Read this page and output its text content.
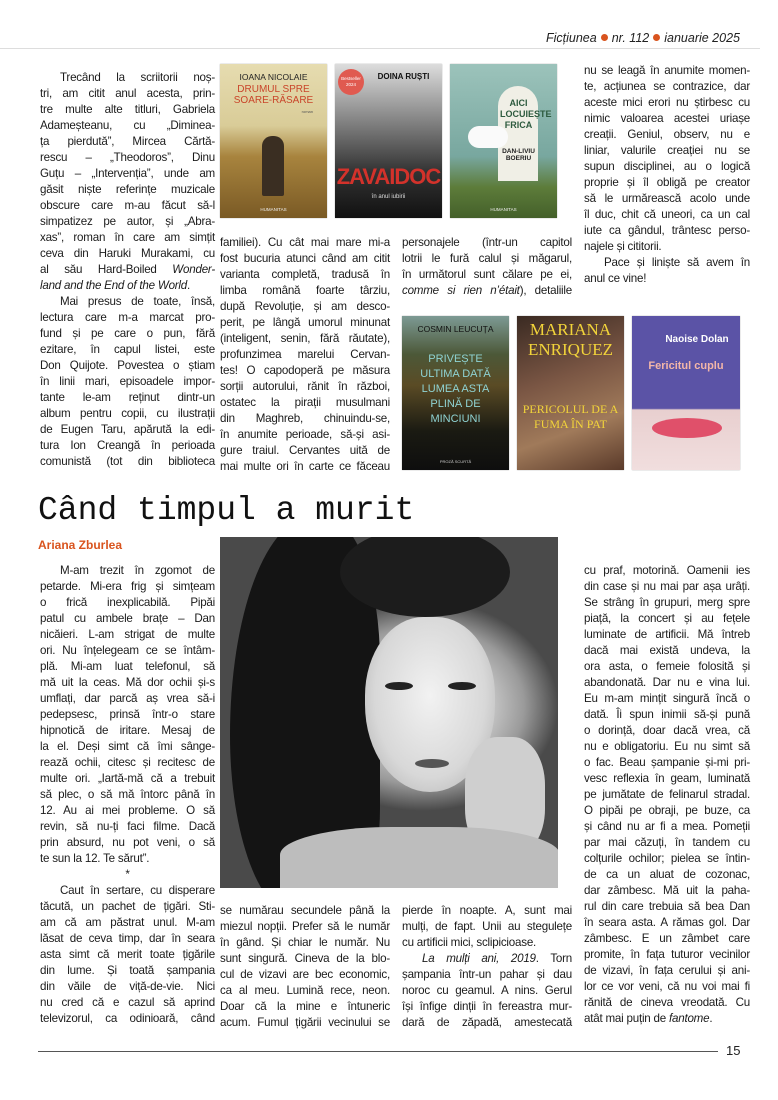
Ficțiunea nr. 112 ianuarie 2025
Trecând la scriitorii noș-
tri, am citit anul acesta, prin-
tre multe alte titluri, Gabriela
Adameșteanu, cu „Diminea-
ța pierdută”, Mircea Cărtă-
rescu – „Theodoros”, Dinu
Guțu – „Intervenția”, unde am
găsit niște referințe muzicale
obscure care m-au făcut să-l
simpatizez pe autor, și „Abra-
xas”, roman în care am simțit
ceva din Haruki Murakami, cu
al său Hard-Boiled Wonder-
land and the End of the World.
Mai presus de toate, însă,
lectura care m-a marcat pro-
fund și pe care o pun, fără
ezitare, în capul listei, este
Don Quijote. Povestea o știam
în linii mari, episoadele impor-
tante le-am reținut dintr-un
album pentru copii, cu ilustrații
de Eugen Taru, apărută la edi-
tura Ion Creangă în perioada
comunistă (tot din biblioteca
familiei). Cu cât mai mare mi-a
fost bucuria atunci când am citit
varianta completă, tradusă în
limba română foarte târziu,
după Revoluție, și am desco-
perit, pe lângă umorul minunat
(inteligent, senin, fără răutate),
profunzimea marelui Cervan-
tes! O capodoperă pe măsura
sorții autorului, rănit în război,
ostatec la pirații musulmani
din Maghreb, chinuindu-se,
în anumite perioade, să-și asi-
gure traiul. Cervantes uită de
mai multe ori în carte ce făceau
personajele (într-un capitol
lotrii le fură calul și măgarul,
în următorul sunt călare pe ei,
comme si rien n’était), detaliile
nu se leagă în anumite momen-
te, acțiunea se contrazice, dar
aceste mici erori nu știrbesc cu
nimic valoarea acestei uriașe
creații. Geniul, observ, nu e
liniar, valurile creației nu se
supun disciplinei, au o logică
proprie și îl obligă pe creator
să le urmărească acolo unde
îl duc, chit că uneori, ca un cal
iute ca gândul, trântesc perso-
najele și cititorii.
Pace și liniște să avem în
anul ce vine!
IOANA NICOLAIE
DRUMUL SPRE SOARE-RĂSARE
roman
HUMANITAS
Bestseller 2024
DOINA RUȘTI
ZAVAIDOC
în anul iubirii
AICI LOCUIEȘTE FRICA
DAN-LIVIU BOERIU
HUMANITAS
COSMIN LEUCUȚA
PRIVEȘTE ULTIMA DATĂ LUMEA ASTA PLINĂ DE MINCIUNI
PROZĂ SCURTĂ
MARIANA ENRIQUEZ
PERICOLUL DE A FUMA ÎN PAT
Naoise Dolan
Fericitul cuplu
Când timpul a murit
Ariana Zburlea
M-am trezit în zgomot de
petarde. Mi-era frig și simțeam
o frică inexplicabilă. Pipăi
patul cu ambele brațe – Dan
nicăieri. L-am strigat de multe
ori. Nu înțelegeam ce se întâm-
plă. Mi-am luat telefonul, să
mă uit la ceas. Mă dor ochii și-s
umflați, dar parcă aș vrea să-i
pedepsesc, prinsă într-o stare
hipnotică de iritare. Mesaj de
la el. Deși simt că îmi sânge-
rează ochii, citesc și recitesc de
multe ori. „Iartă-mă că a trebuit
să plec, o să mă întorc până în
12. Au ai mei probleme. O să
revin, să nu-ți faci filme. Dacă
prin absurd, nu pot veni, o să
te sun la 12. Te sărut”.
*
Caut în sertare, cu disperare
tăcută, un pachet de țigări. Sti-
am că am păstrat unul. M-am
lăsat de ceva timp, dar în seara
asta simt că merit toate țigările
din lume. Și toată șampania
din văile de viță-de-vie. Nici
nu cred că e cazul să aprind
televizorul, ca odinioară, când
se numărau secundele până la
miezul nopții. Prefer să le număr
în gând. Și chiar le număr. Nu
sunt singură. Cineva de la blo-
cul de vizavi are bec economic,
ca al meu. Lumină rece, neon.
Doar că la mine e întuneric
acum. Fumul țigării vecinului se
pierde în noapte. A, sunt mai
mulți, de fapt. Unii au stegulețe
cu artificii mici, sclipicioase.
La mulți ani, 2019. Torn
șampania într-un pahar și dau
noroc cu geamul. A nins. Gerul
își înfige dinții în fereastra mur-
dară de zăpadă, amestecată
cu praf, motorină. Oamenii ies
din case și nu mai par așa urâți.
Se strâng în grupuri, merg spre
piață, la concert și au fețele
luminate de artificii. Mă întreb
dacă mai există undeva, la
ora asta, o femeie folosită și
abandonată. Dar nu e vina lui.
Eu m-am mințit singură încă o
dată. Îi spun inimii să-și pună
o dorință, doar dacă vrea, că
nu e obligatoriu. Eu nu simt să
o fac. Beau șampanie și-mi pri-
vesc reflexia în geam, luminată
pe jumătate de felinarul stradal.
O pipăi pe obraji, pe buze, ca
și când nu ar fi a mea. Pomeții
par mai căzuți, în tandem cu
colțurile ochilor; pielea se întin-
de ca un aluat de cozonac,
dar zâmbesc. Mă uit la paha-
rul din care trebuia să bea Dan
în seara asta. A rămas gol. Dar
zâmbesc. E un zâmbet care
promite, în fața tuturor vecinilor
de vizavi, în fața cerului și ani-
lor ce vor veni, că nu voi mai fi
rănită de cineva vreodată. Cu
atât mai puțin de fantome.
15
